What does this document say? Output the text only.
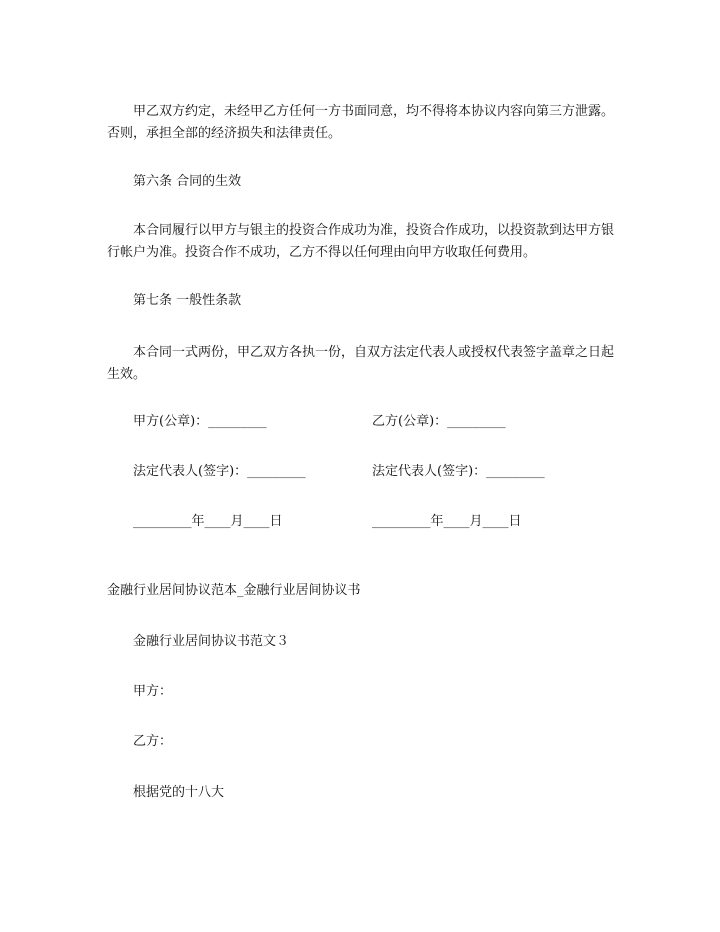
甲乙双方约定，未经甲乙方任何一方书面同意，均不得将本协议内容向第三方泄露。否则，承担全部的经济损失和法律责任。
第六条 合同的生效
本合同履行以甲方与银主的投资合作成功为准，投资合作成功，以投资款到达甲方银行帐户为准。投资合作不成功，乙方不得以任何理由向甲方收取任何费用。
第七条 一般性条款
本合同一式两份，甲乙双方各执一份，自双方法定代表人或授权代表签字盖章之日起生效。
甲方(公章)：_________	乙方(公章)：_________
法定代表人(签字)：_________	法定代表人(签字)：_________
_________年____月____日	_________年____月____日
金融行业居间协议范本_金融行业居间协议书
金融行业居间协议书范文３
甲方：
乙方：
根据党的十八大
